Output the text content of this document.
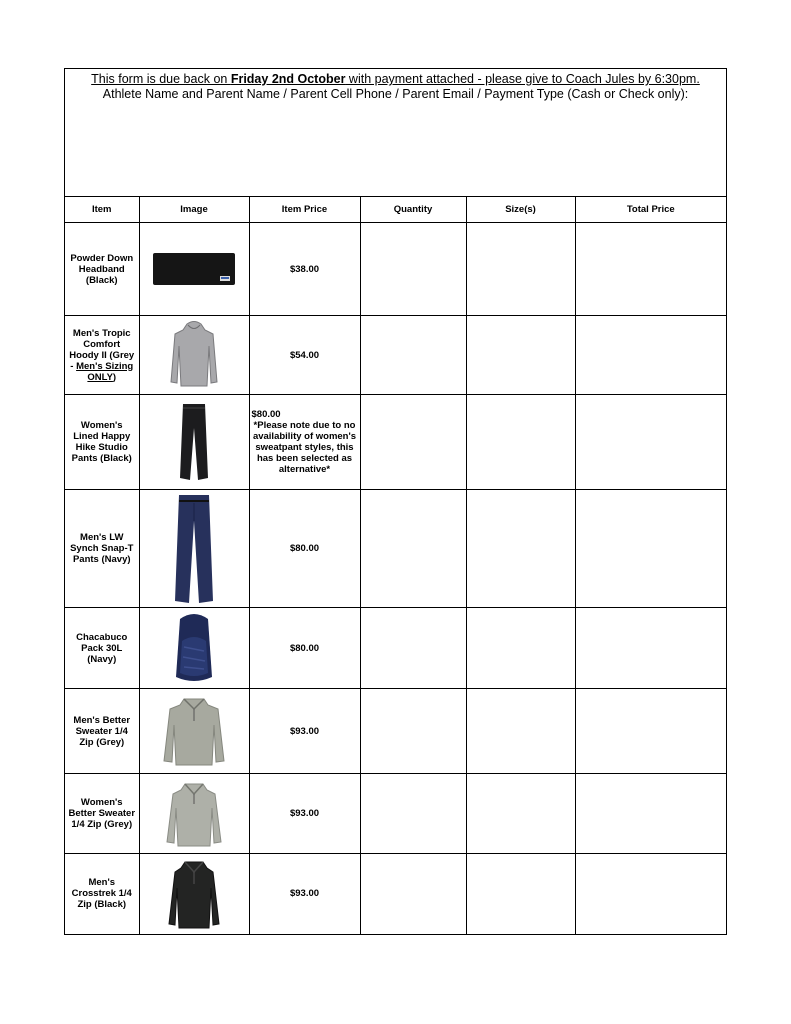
This form is due back on Friday 2nd October with payment attached - please give to Coach Jules by 6:30pm.
Athlete Name and Parent Name / Parent Cell Phone / Parent Email / Payment Type (Cash or Check only):
Item	Image	Item Price	Quantity	Size(s)	Total Price
Powder Down Headband (Black)		$38.00			
Men's Tropic Comfort Hoody II (Grey - Men's Sizing ONLY)		$54.00			
Women's Lined Happy Hike Studio Pants (Black)		$80.00
*Please note due to no availability of women's sweatpant styles, this has been selected as alternative*			

Men's LW Synch Snap-T Pants (Navy)		$80.00			
Chacabuco Pack 30L (Navy)		$80.00			
Men's Better Sweater 1/4 Zip (Grey)		$93.00			
Women's Better Sweater 1/4 Zip (Grey)		$93.00			
Men's Crosstrek 1/4 Zip (Black)		$93.00			
